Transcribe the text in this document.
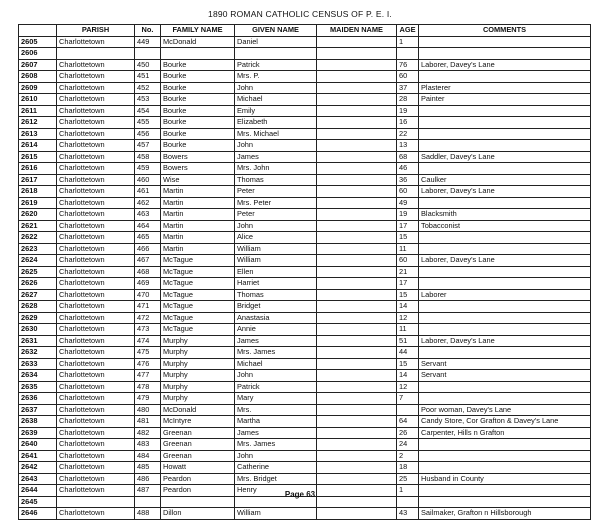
1890 ROMAN CATHOLIC CENSUS OF P. E. I.
	PARISH	No.	FAMILY NAME	GIVEN NAME	MAIDEN NAME	AGE	COMMENTS
2605	Charlottetown	449	McDonald	Daniel		1	
2606							
2607	Charlottetown	450	Bourke	Patrick		76	Laborer, Davey's Lane
2608	Charlottetown	451	Bourke	Mrs. P.		60	
2609	Charlottetown	452	Bourke	John		37	Plasterer
2610	Charlottetown	453	Bourke	Michael		28	Painter
2611	Charlottetown	454	Bourke	Emily		19	
2612	Charlottetown	455	Bourke	Elizabeth		16	
2613	Charlottetown	456	Bourke	Mrs. Michael		22	
2614	Charlottetown	457	Bourke	John		13	
2615	Charlottetown	458	Bowers	James		68	Saddler, Davey's Lane
2616	Charlottetown	459	Bowers	Mrs. John		46	
2617	Charlottetown	460	Wise	Thomas		36	Caulker
2618	Charlottetown	461	Martin	Peter		60	Laborer, Davey's Lane
2619	Charlottetown	462	Martin	Mrs. Peter		49	
2620	Charlottetown	463	Martin	Peter		19	Blacksmith
2621	Charlottetown	464	Martin	John		17	Tobacconist
2622	Charlottetown	465	Martin	Alice		15	
2623	Charlottetown	466	Martin	William		11	
2624	Charlottetown	467	McTague	William		60	Laborer, Davey's Lane
2625	Charlottetown	468	McTague	Ellen		21	
2626	Charlottetown	469	McTague	Harriet		17	
2627	Charlottetown	470	McTague	Thomas		15	Laborer
2628	Charlottetown	471	McTague	Bridget		14	
2629	Charlottetown	472	McTague	Anastasia		12	
2630	Charlottetown	473	McTague	Annie		11	
2631	Charlottetown	474	Murphy	James		51	Laborer, Davey's Lane
2632	Charlottetown	475	Murphy	Mrs. James		44	
2633	Charlottetown	476	Murphy	Michael		15	Servant
2634	Charlottetown	477	Murphy	John		14	Servant
2635	Charlottetown	478	Murphy	Patrick		12	
2636	Charlottetown	479	Murphy	Mary		7	
2637	Charlottetown	480	McDonald	Mrs.			Poor woman, Davey's Lane
2638	Charlottetown	481	McIntyre	Martha		64	Candy Store, Cor Grafton & Davey's Lane
2639	Charlottetown	482	Greenan	James		26	Carpenter, Hills n Grafton
2640	Charlottetown	483	Greenan	Mrs. James		24	
2641	Charlottetown	484	Greenan	John		2	
2642	Charlottetown	485	Howatt	Catherine		18	
2643	Charlottetown	486	Peardon	Mrs. Bridget		25	Husband in County
2644	Charlottetown	487	Peardon	Henry		1	
2645							
2646	Charlottetown	488	Dillon	William		43	Sailmaker, Grafton n Hillsborough
Page 63
